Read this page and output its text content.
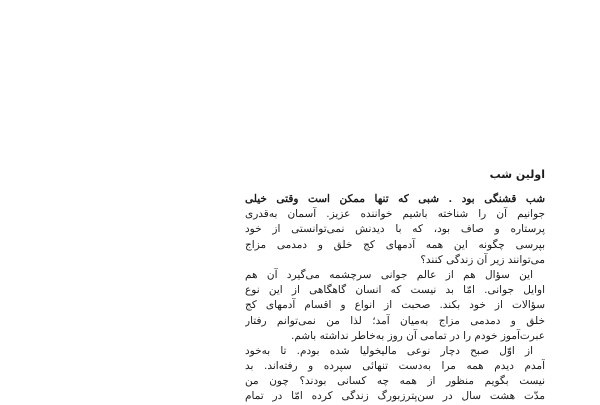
اولین شب
شب قشنگی بود . شبی که تنها ممکن است وقتی خیلی
جوانیم آن را شناخته باشیم خواننده عزیز. آسمان به‌قدری
پرستاره و صاف بود، که با دیدنش نمی‌توانستی از خود
بپرسی چگونه این همه آدمهای کج خلق و دمدمی مزاج
می‌توانند زیر آن زندگی کنند؟
این سؤال هم از عالم جوانی سرچشمه می‌گیرد آن هم
اوایل جوانی. امّا بد نیست که انسان گاهگاهی از این نوع
سؤالات از خود بکند. صحبت از انواع و اقسام آدمهای کج
خلق و دمدمی مزاج به‌میان آمد؛ لذا من نمی‌توانم رفتار
عبرت‌آموز خودم را در تمامی آن روز به‌خاطر نداشته باشم.
از اوّل صبح دچار نوعی مالیخولیا شده بودم. تا به‌خود
آمدم دیدم همه مرا به‌دست تنهائی سپرده و رفته‌اند. بد
نیست بگویم منظور از همه چه کسانی بودند؟ چون من
مدّت هشت سال در سن‌پترزبورگ زندگی کرده امّا در تمام
